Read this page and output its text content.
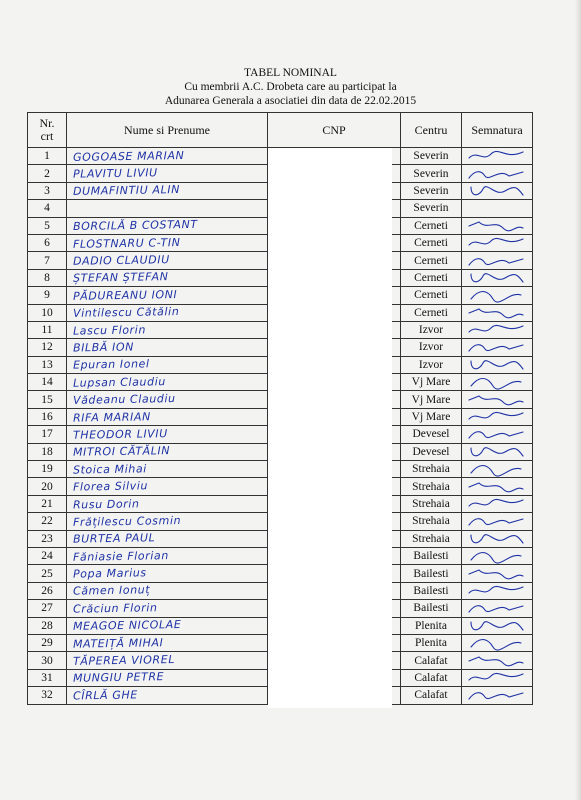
TABEL NOMINAL
Cu membrii A.C. Drobeta care au participat la
Adunarea Generala a asociatiei din data de 22.02.2015
Nr.
crt	Nume si Prenume	CNP	Centru	Semnatura
1	GOGOASE MARIAN		Severin	

2	PLAVITU LIVIU		Severin	

3	DUMAFINTIU ALIN		Severin	

4			Severin	
5	BORCILĂ B COSTANT		Cerneti	

6	FLOSTNARU C-TIN		Cerneti	

7	DADIO CLAUDIU		Cerneti	

8	ȘTEFAN ȘTEFAN		Cerneti	

9	PĂDUREANU IONI		Cerneti	

10	Vintilescu Cătălin		Cerneti	

11	Lascu Florin		Izvor	

12	BILBĂ ION		Izvor	

13	Epuran Ionel		Izvor	

14	Lupsan Claudiu		Vj Mare	

15	Vădeanu Claudiu		Vj Mare	

16	RIFA MARIAN		Vj Mare	

17	THEODOR LIVIU		Devesel	

18	MITROI CĂTĂLIN		Devesel	

19	Stoica Mihai		Strehaia	

20	Florea Silviu		Strehaia	

21	Rusu Dorin		Strehaia	

22	Frățilescu Cosmin		Strehaia	

23	BURTEA PAUL		Strehaia	

24	Făniasie Florian		Bailesti	

25	Popa Marius		Bailesti	

26	Cămen Ionuț		Bailesti	

27	Crăciun Florin		Bailesti	

28	MEAGOE NICOLAE		Plenita	

29	MATEIȚĂ MIHAI		Plenita	

30	TĂPEREA VIOREL		Calafat	

31	MUNGIU PETRE		Calafat	

32	CÎRLĂ GHE		Calafat	
